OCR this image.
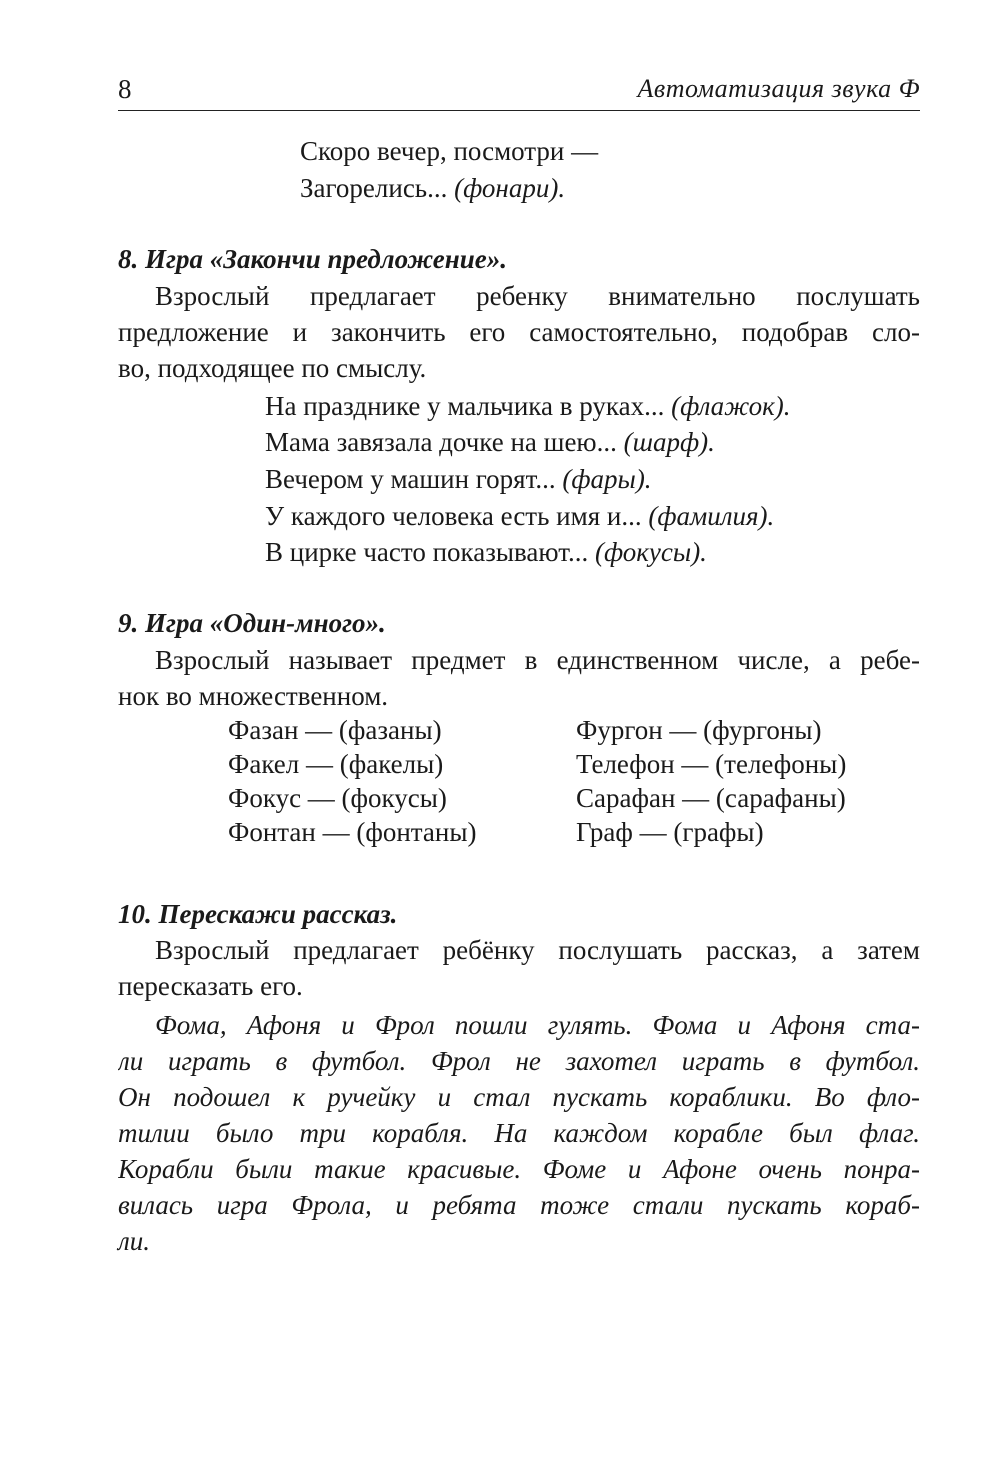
8	Автоматизация звука Ф
Скоро вечер, посмотри —
Загорелись... (фонари).
8. Игра «Закончи предложение».
Взрослый предлагает ребенку внимательно послушать
предложение и закончить его самостоятельно, подобрав сло-
во, подходящее по смыслу.
На празднике у мальчика в руках... (флажок).
Мама завязала дочке на шею... (шарф).
Вечером у машин горят... (фары).
У каждого человека есть имя и... (фамилия).
В цирке часто показывают... (фокусы).
9. Игра «Один-много».
Взрослый называет предмет в единственном числе, а ребе-
нок во множественном.
Фазан — (фазаны)
Факел — (факелы)
Фокус — (фокусы)
Фонтан — (фонтаны)
Фургон — (фургоны)
Телефон — (телефоны)
Сарафан — (сарафаны)
Граф — (графы)
10. Перескажи рассказ.
Взрослый предлагает ребёнку послушать рассказ, а затем
пересказать его.
Фома, Афоня и Фрол пошли гулять. Фома и Афоня ста-
ли играть в футбол. Фрол не захотел играть в футбол.
Он подошел к ручейку и стал пускать кораблики. Во фло-
тилии было три корабля. На каждом корабле был флаг.
Корабли были такие красивые. Фоме и Афоне очень понра-
вилась игра Фрола, и ребята тоже стали пускать кораб-
ли.
